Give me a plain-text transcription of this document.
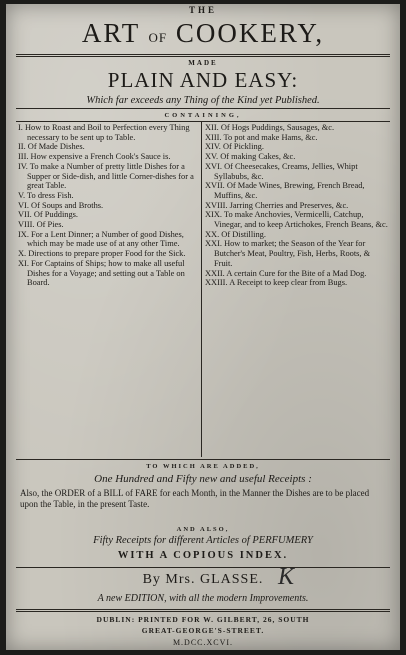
THE
ART OF COOKERY,
MADE
PLAIN AND EASY:
Which far exceeds any Thing of the Kind yet Published.
CONTAINING,

I. How to Roast and Boil to Perfection every Thing necessary to be sent up to Table.

II. Of Made Dishes.

III. How expensive a French Cook's Sauce is.

IV. To make a Number of pretty little Dishes for a Supper or Side-dish, and little Corner-dishes for a great Table.

V. To dress Fish.

VI. Of Soups and Broths.

VII. Of Puddings.

VIII. Of Pies.

IX. For a Lent Dinner; a Number of good Dishes, which may be made use of at any other Time.

X. Directions to prepare proper Food for the Sick.

XI. For Captains of Ships; how to make all useful Dishes for a Voyage; and setting out a Table on Board.

XII. Of Hogs Puddings, Sausages, &c.

XIII. To pot and make Hams, &c.

XIV. Of Pickling.

XV. Of making Cakes, &c.

XVI. Of Cheesecakes, Creams, Jellies, Whipt Syllabubs, &c.

XVII. Of Made Wines, Brewing, French Bread, Muffins, &c.

XVIII. Jarring Cherries and Preserves, &c.

XIX. To make Anchovies, Vermicelli, Catchup, Vinegar, and to keep Artichokes, French Beans, &c.

XX. Of Distilling.

XXI. How to market; the Season of the Year for Butcher's Meat, Poultry, Fish, Herbs, Roots, & Fruit.

XXII. A certain Cure for the Bite of a Mad Dog.

XXIII. A Receipt to keep clear from Bugs.

TO WHICH ARE ADDED,
One Hundred and Fifty new and useful Receipts :
Also, the ORDER of a BILL of FARE for each Month, in the Manner the Dishes are to be placed upon the Table, in the present Taste.
AND ALSO,
Fifty Receipts for different Articles of PERFUMERY
WITH A COPIOUS INDEX.
By Mrs. GLASSE. K
A new EDITION, with all the modern Improvements.
DUBLIN: PRINTED FOR W. GILBERT, 26, SOUTH
GREAT-GEORGE'S-STREET.
M.DCC.XCVI.
